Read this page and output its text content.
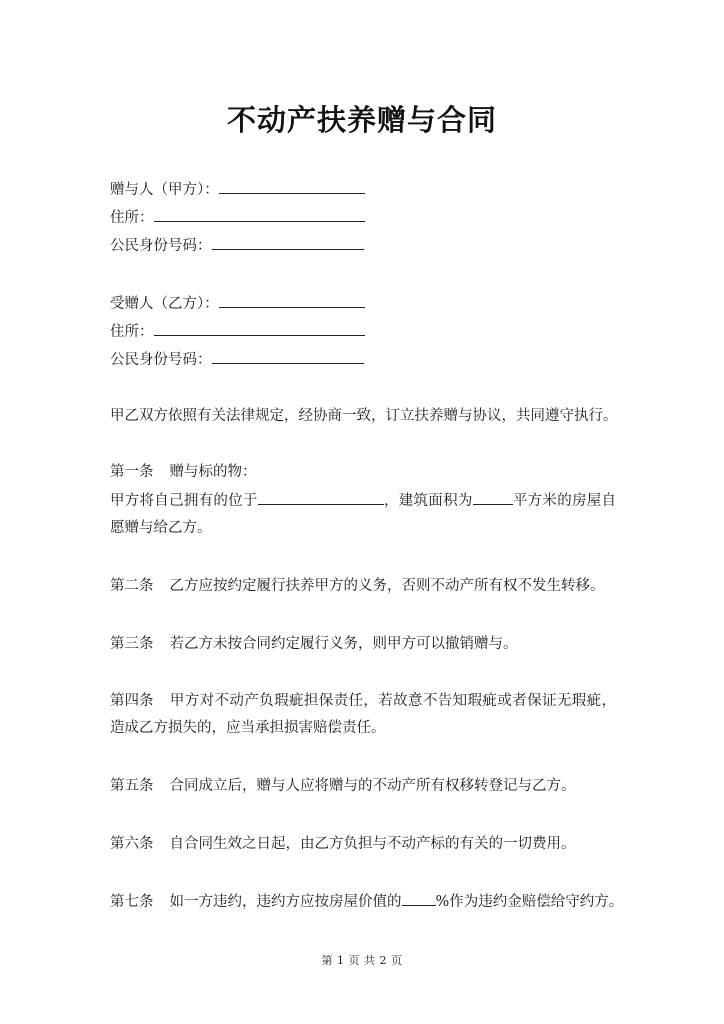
不动产扶养赠与合同
赠与人（甲方）：
住所：
公民身份号码：
受赠人（乙方）：
住所：
公民身份号码：
甲乙双方依照有关法律规定，经协商一致，订立扶养赠与协议，共同遵守执行。
第一条 赠与标的物：
甲方将自己拥有的位于	，建筑面积为	平方米的房屋自愿赠与给乙方。
第二条 乙方应按约定履行扶养甲方的义务，否则不动产所有权不发生转移。
第三条 若乙方未按合同约定履行义务，则甲方可以撤销赠与。
第四条 甲方对不动产负瑕疵担保责任，若故意不告知瑕疵或者保证无瑕疵，造成乙方损失的，应当承担损害赔偿责任。
第五条 合同成立后，赠与人应将赠与的不动产所有权移转登记与乙方。
第六条 自合同生效之日起，由乙方负担与不动产标的有关的一切费用。
第七条 如一方违约，违约方应按房屋价值的 %作为违约金赔偿给守约方。
第 1 页 共 2 页
